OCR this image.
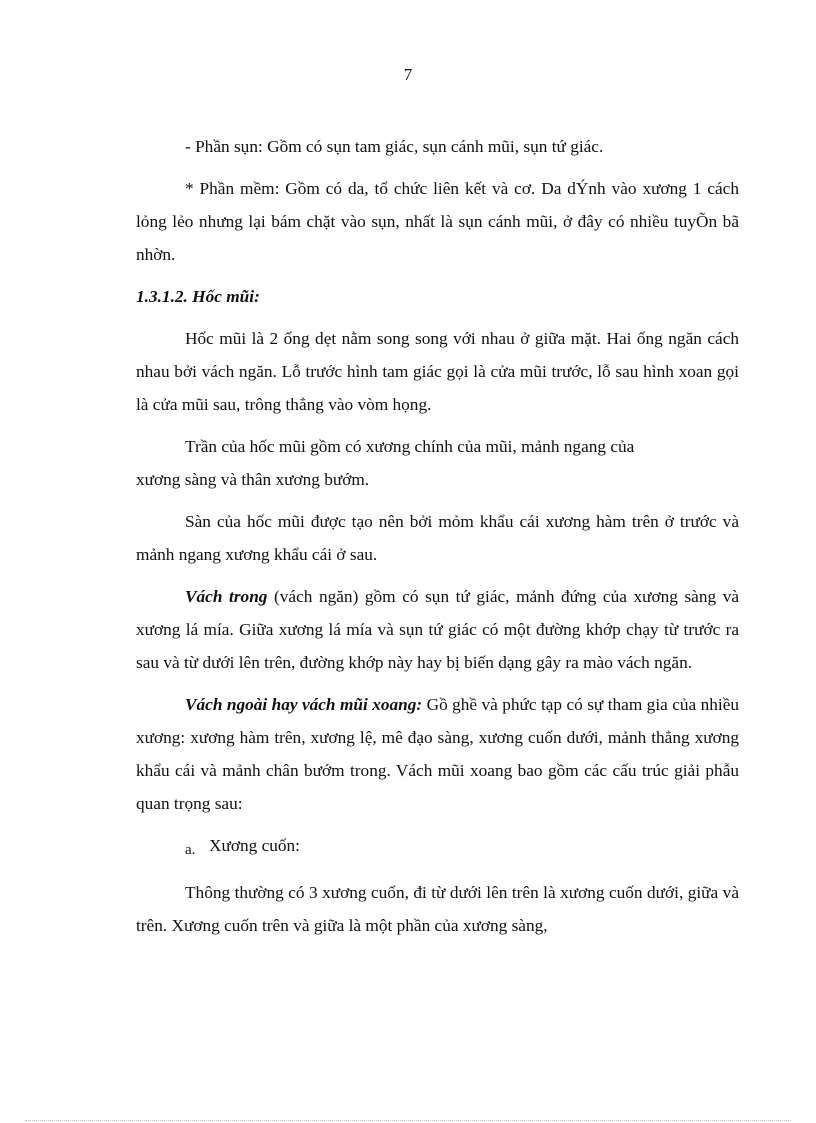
7

- Phần sụn: Gồm có sụn tam giác, sụn cánh mũi, sụn tứ giác.

* Phần mềm: Gồm có da, tổ chức liên kết và cơ. Da dÝnh vào xương 1 cách lỏng lẻo nhưng lại bám chặt vào sụn, nhất là sụn cánh mũi, ở đây có nhiều tuyÕn bã nhờn.

1.3.1.2. Hốc mũi:

Hốc mũi là 2 ống dẹt nằm song song với nhau ở giữa mặt. Hai ống ngăn cách nhau bởi vách ngăn. Lỗ trước hình tam giác gọi là cửa mũi trước, lỗ sau hình xoan gọi là cửa mũi sau, trông thẳng vào vòm họng.

Trần của hốc mũi gồm có xương chính của mũi, mảnh ngang của

xương sàng và thân xương bướm.

Sàn của hốc mũi được tạo nên bởi mỏm khẩu cái xương hàm trên ở trước và mảnh ngang xương khẩu cái ở sau.

Vách trong (vách ngăn) gồm có sụn tứ giác, mảnh đứng của xương sàng và xương lá mía. Giữa xương lá mía và sụn tứ giác có một đường khớp chạy từ trước ra sau và từ dưới lên trên, đường khớp này hay bị biến dạng gây ra mào vách ngăn.

Vách ngoài hay vách mũi xoang: Gồ ghề và phức tạp có sự tham gia của nhiều xương: xương hàm trên, xương lệ, mê đạo sàng, xương cuốn dưới, mảnh thẳng xương khẩu cái và mảnh chân bướm trong. Vách mũi xoang bao gồm các cấu trúc giải phẫu quan trọng sau:

a. Xương cuốn:

Thông thường có 3 xương cuốn, đi từ dưới lên trên là xương cuốn dưới, giữa và trên. Xương cuốn trên và giữa là một phần của xương sàng,
